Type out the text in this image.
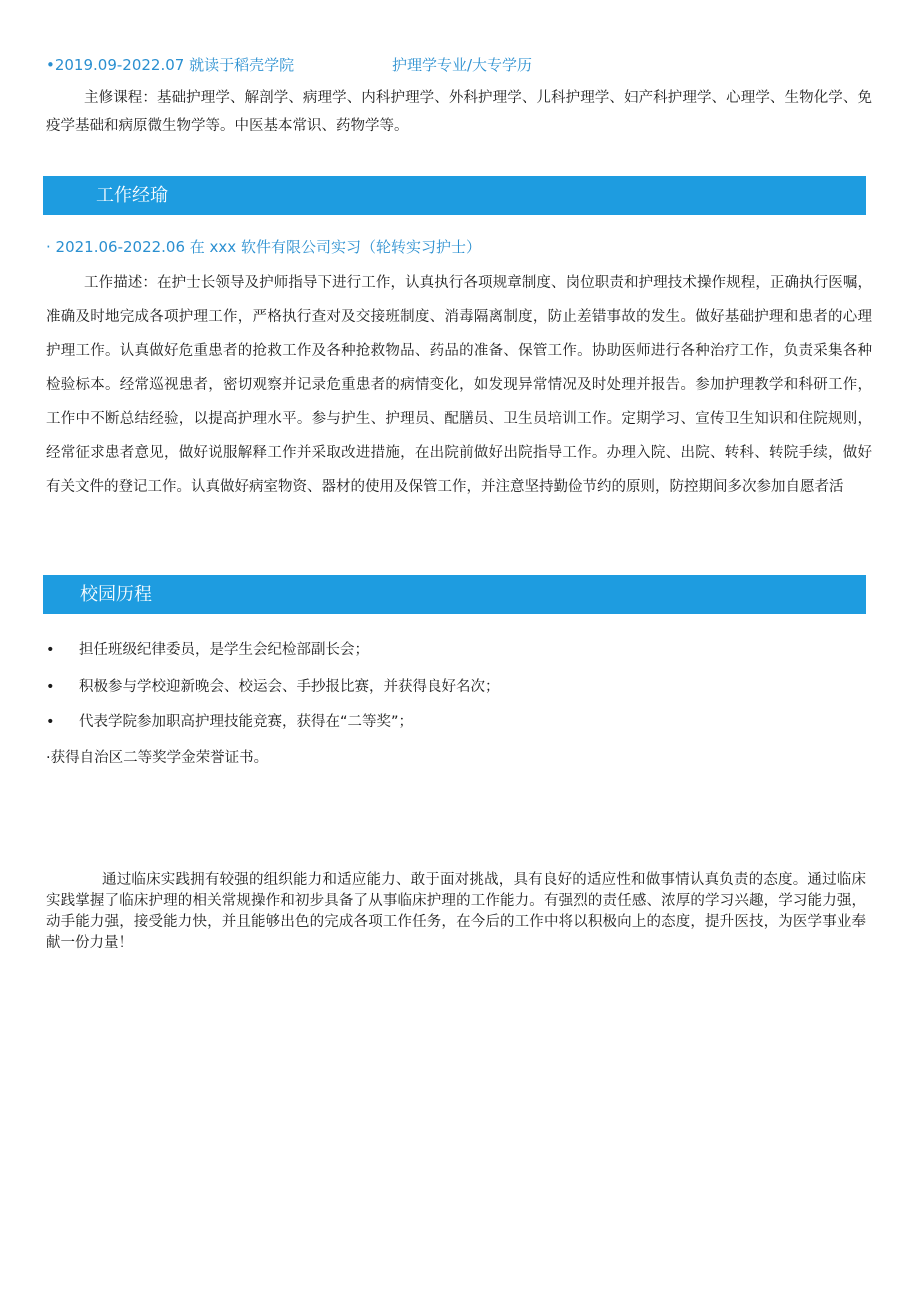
•2019.09-2022.07 就读于稻壳学院	护理学专业/大专学历
主修课程：基础护理学、解剖学、病理学、内科护理学、外科护理学、儿科护理学、妇产科护理学、心理学、生物化学、免疫学基础和病原微生物学等。中医基本常识、药物学等。
工作经瑜
· 2021.06-2022.06 在 xxx 软件有限公司实习（轮转实习护士）
工作描述：在护士长领导及护师指导下进行工作，认真执行各项规章制度、岗位职责和护理技术操作规程，正确执行医嘱，准确及时地完成各项护理工作，严格执行查对及交接班制度、消毒隔离制度，防止差错事故的发生。做好基础护理和患者的心理护理工作。认真做好危重患者的抢救工作及各种抢救物品、药品的准备、保管工作。协助医师进行各种治疗工作，负责采集各种检验标本。经常巡视患者，密切观察并记录危重患者的病情变化，如发现异常情况及时处理并报告。参加护理教学和科研工作，工作中不断总结经验，以提高护理水平。参与护生、护理员、配膳员、卫生员培训工作。定期学习、宣传卫生知识和住院规则，经常征求患者意见，做好说服解释工作并采取改进措施，在出院前做好出院指导工作。办理入院、出院、转科、转院手续，做好有关文件的登记工作。认真做好病室物资、器材的使用及保管工作，并注意坚持勤俭节约的原则，防控期间多次参加自愿者活
校园历程
• 担任班级纪律委员，是学生会纪检部副长会；
• 积极参与学校迎新晚会、校运会、手抄报比赛，并获得良好名次；
• 代表学院参加职高护理技能竞赛，获得在“二等奖”；
·获得自治区二等奖学金荣誉证书。
通过临床实践拥有较强的组织能力和适应能力、敢于面对挑战，具有良好的适应性和做事情认真负责的态度。通过临床实践掌握了临床护理的相关常规操作和初步具备了从事临床护理的工作能力。有强烈的责任感、浓厚的学习兴趣，学习能力强，动手能力强，接受能力快，并且能够出色的完成各项工作任务，在今后的工作中将以积极向上的态度，提升医技，为医学事业奉献一份力量！
